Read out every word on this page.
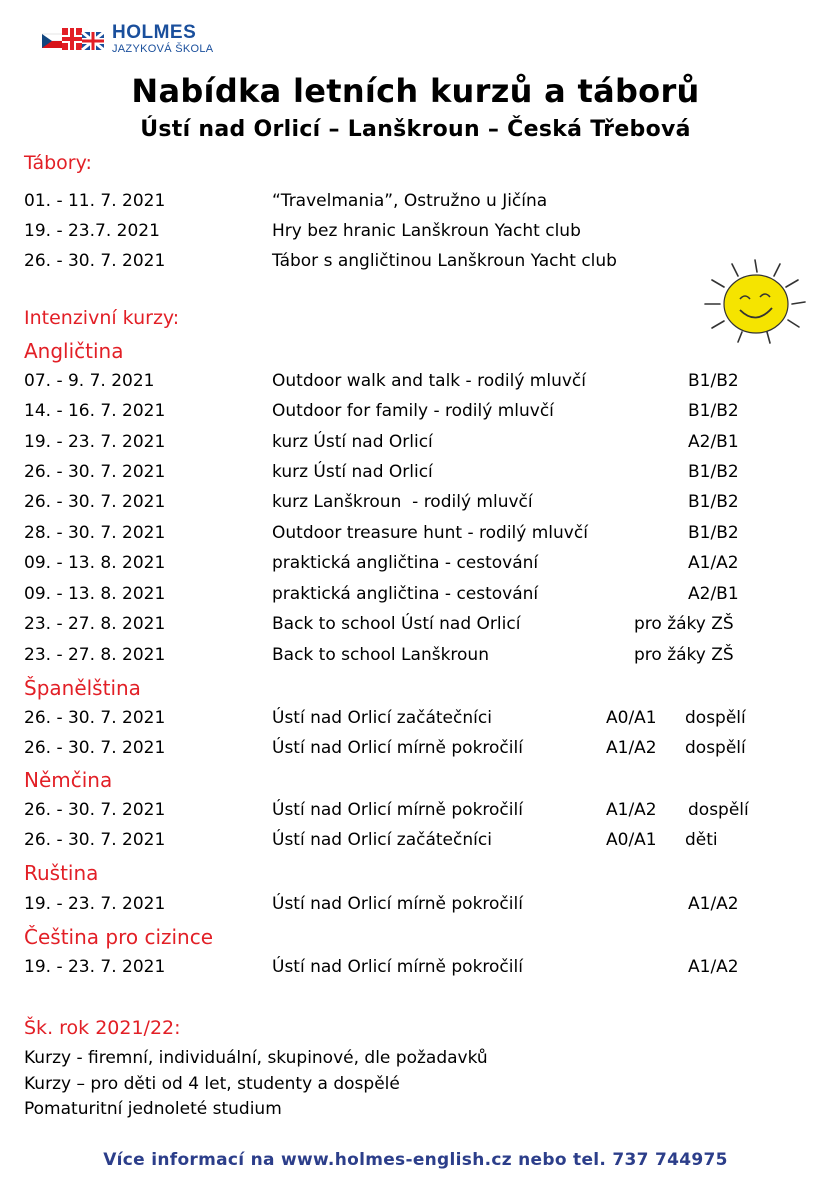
HOLMES
JAZYKOVÁ ŠKOLA
Nabídka letních kurzů a táborů
Ústí nad Orlicí – Lanškroun – Česká Třebová
Tábory:
01. - 11. 7. 2021	“Travelmania”, Ostružno u Jičína
19. - 23.7. 2021	Hry bez hranic Lanškroun Yacht club
26. - 30. 7. 2021	Tábor s angličtinou Lanškroun Yacht club
Intenzivní kurzy:
Angličtina
07. - 9. 7. 2021	Outdoor walk and talk - rodilý mluvčí	B1/B2
14. - 16. 7. 2021	Outdoor for family - rodilý mluvčí	B1/B2
19. - 23. 7. 2021	kurz Ústí nad Orlicí	A2/B1
26. - 30. 7. 2021	kurz Ústí nad Orlicí	B1/B2
26. - 30. 7. 2021	kurz Lanškroun  - rodilý mluvčí	B1/B2
28. - 30. 7. 2021	Outdoor treasure hunt - rodilý mluvčí	B1/B2
09. - 13. 8. 2021	praktická angličtina - cestování	A1/A2
09. - 13. 8. 2021	praktická angličtina - cestování	A2/B1
23. - 27. 8. 2021	Back to school Ústí nad Orlicí	pro žáky ZŠ
23. - 27. 8. 2021	Back to school Lanškroun	pro žáky ZŠ
Španělština
26. - 30. 7. 2021	Ústí nad Orlicí začátečníci	A0/A1 dospělí
26. - 30. 7. 2021	Ústí nad Orlicí mírně pokročilí	A1/A2 dospělí
Němčina
26. - 30. 7. 2021	Ústí nad Orlicí mírně pokročilí	A1/A2 dospělí
26. - 30. 7. 2021	Ústí nad Orlicí začátečníci	A0/A1 děti
Ruština
19. - 23. 7. 2021	Ústí nad Orlicí mírně pokročilí	A1/A2
Čeština pro cizince
19. - 23. 7. 2021	Ústí nad Orlicí mírně pokročilí	A1/A2
Šk. rok 2021/22:
Kurzy - firemní, individuální, skupinové, dle požadavků
Kurzy – pro děti od 4 let, studenty a dospělé
Pomaturitní jednoleté studium
Více informací na www.holmes-english.cz nebo tel. 737 744975
